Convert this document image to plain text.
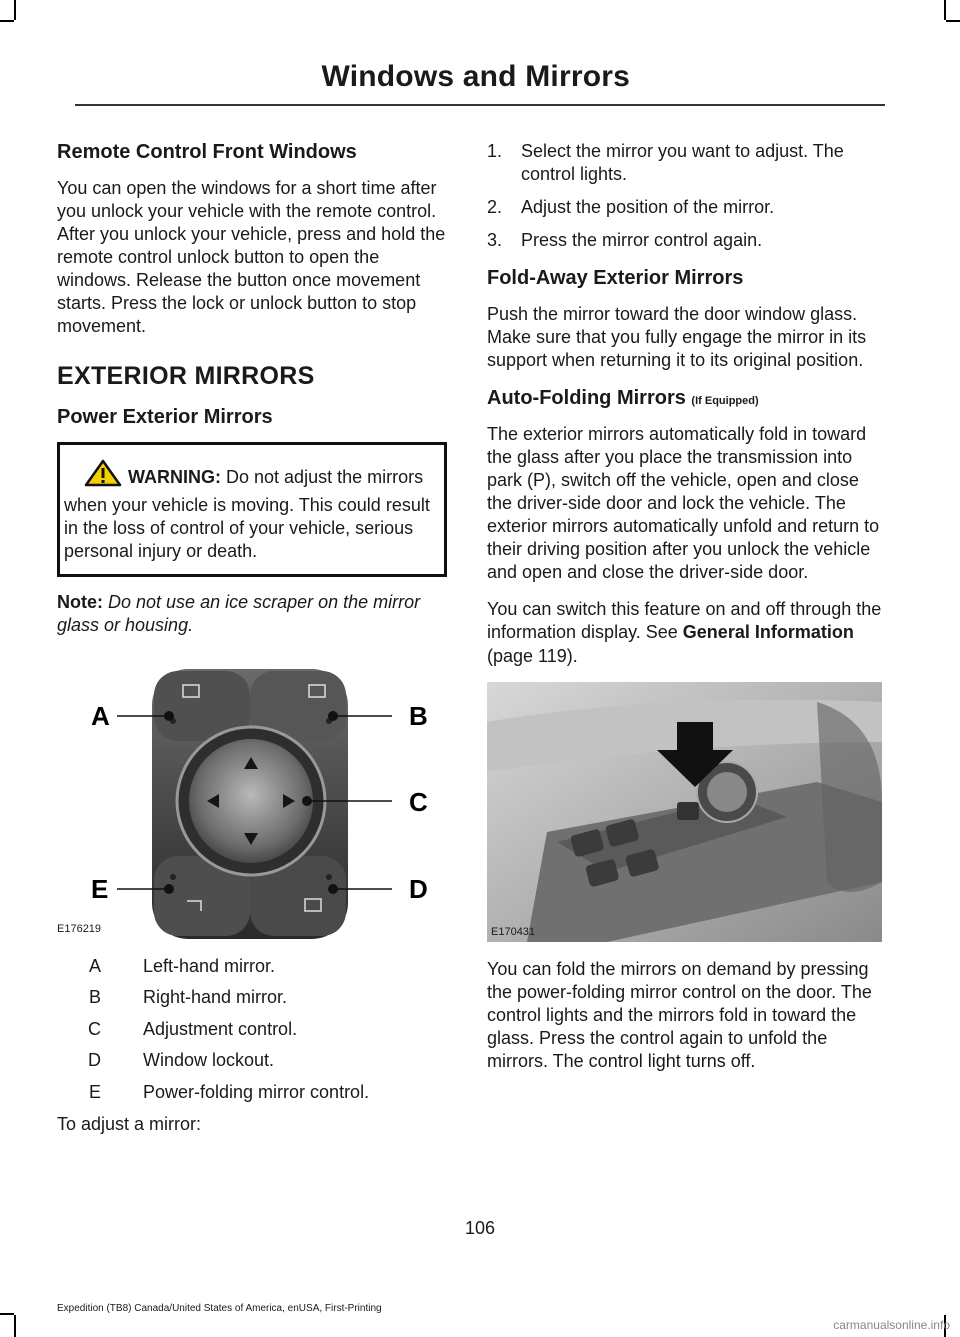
Windows and Mirrors
Remote Control Front Windows

You can open the windows for a short time after you unlock your vehicle with the remote control. After you unlock your vehicle, press and hold the remote control unlock button to open the windows. Release the button once movement starts. Press the lock or unlock button to stop movement.

EXTERIOR MIRRORS
Power Exterior Mirrors
WARNING: Do not adjust the mirrors when your vehicle is moving. This could result in the loss of control of your vehicle, serious personal injury or death.

Note: Do not use an ice scraper on the mirror glass or housing.

A	B
C
D
E
E176219
A	Left-hand mirror.
B	Right-hand mirror.
C	Adjustment control.
D	Window lockout.
E	Power-folding mirror control.

To adjust a mirror:

1.	Select the mirror you want to adjust. The control lights.
2.	Adjust the position of the mirror.
3.	Press the mirror control again.
Fold-Away Exterior Mirrors

Push the mirror toward the door window glass. Make sure that you fully engage the mirror in its support when returning it to its original position.

Auto-Folding Mirrors (If Equipped)

The exterior mirrors automatically fold in toward the glass after you place the transmission into park (P), switch off the vehicle, open and close the driver-side door and lock the vehicle. The exterior mirrors automatically unfold and return to their driving position after you unlock the vehicle and open and close the driver-side door.

You can switch this feature on and off through the information display. See General Information (page 119).

E170431

You can fold the mirrors on demand by pressing the power-folding mirror control on the door. The control lights and the mirrors fold in toward the glass. Press the control again to unfold the mirrors. The control light turns off.

106
Expedition (TB8) Canada/United States of America, enUSA, First-Printing
carmanualsonline.info
